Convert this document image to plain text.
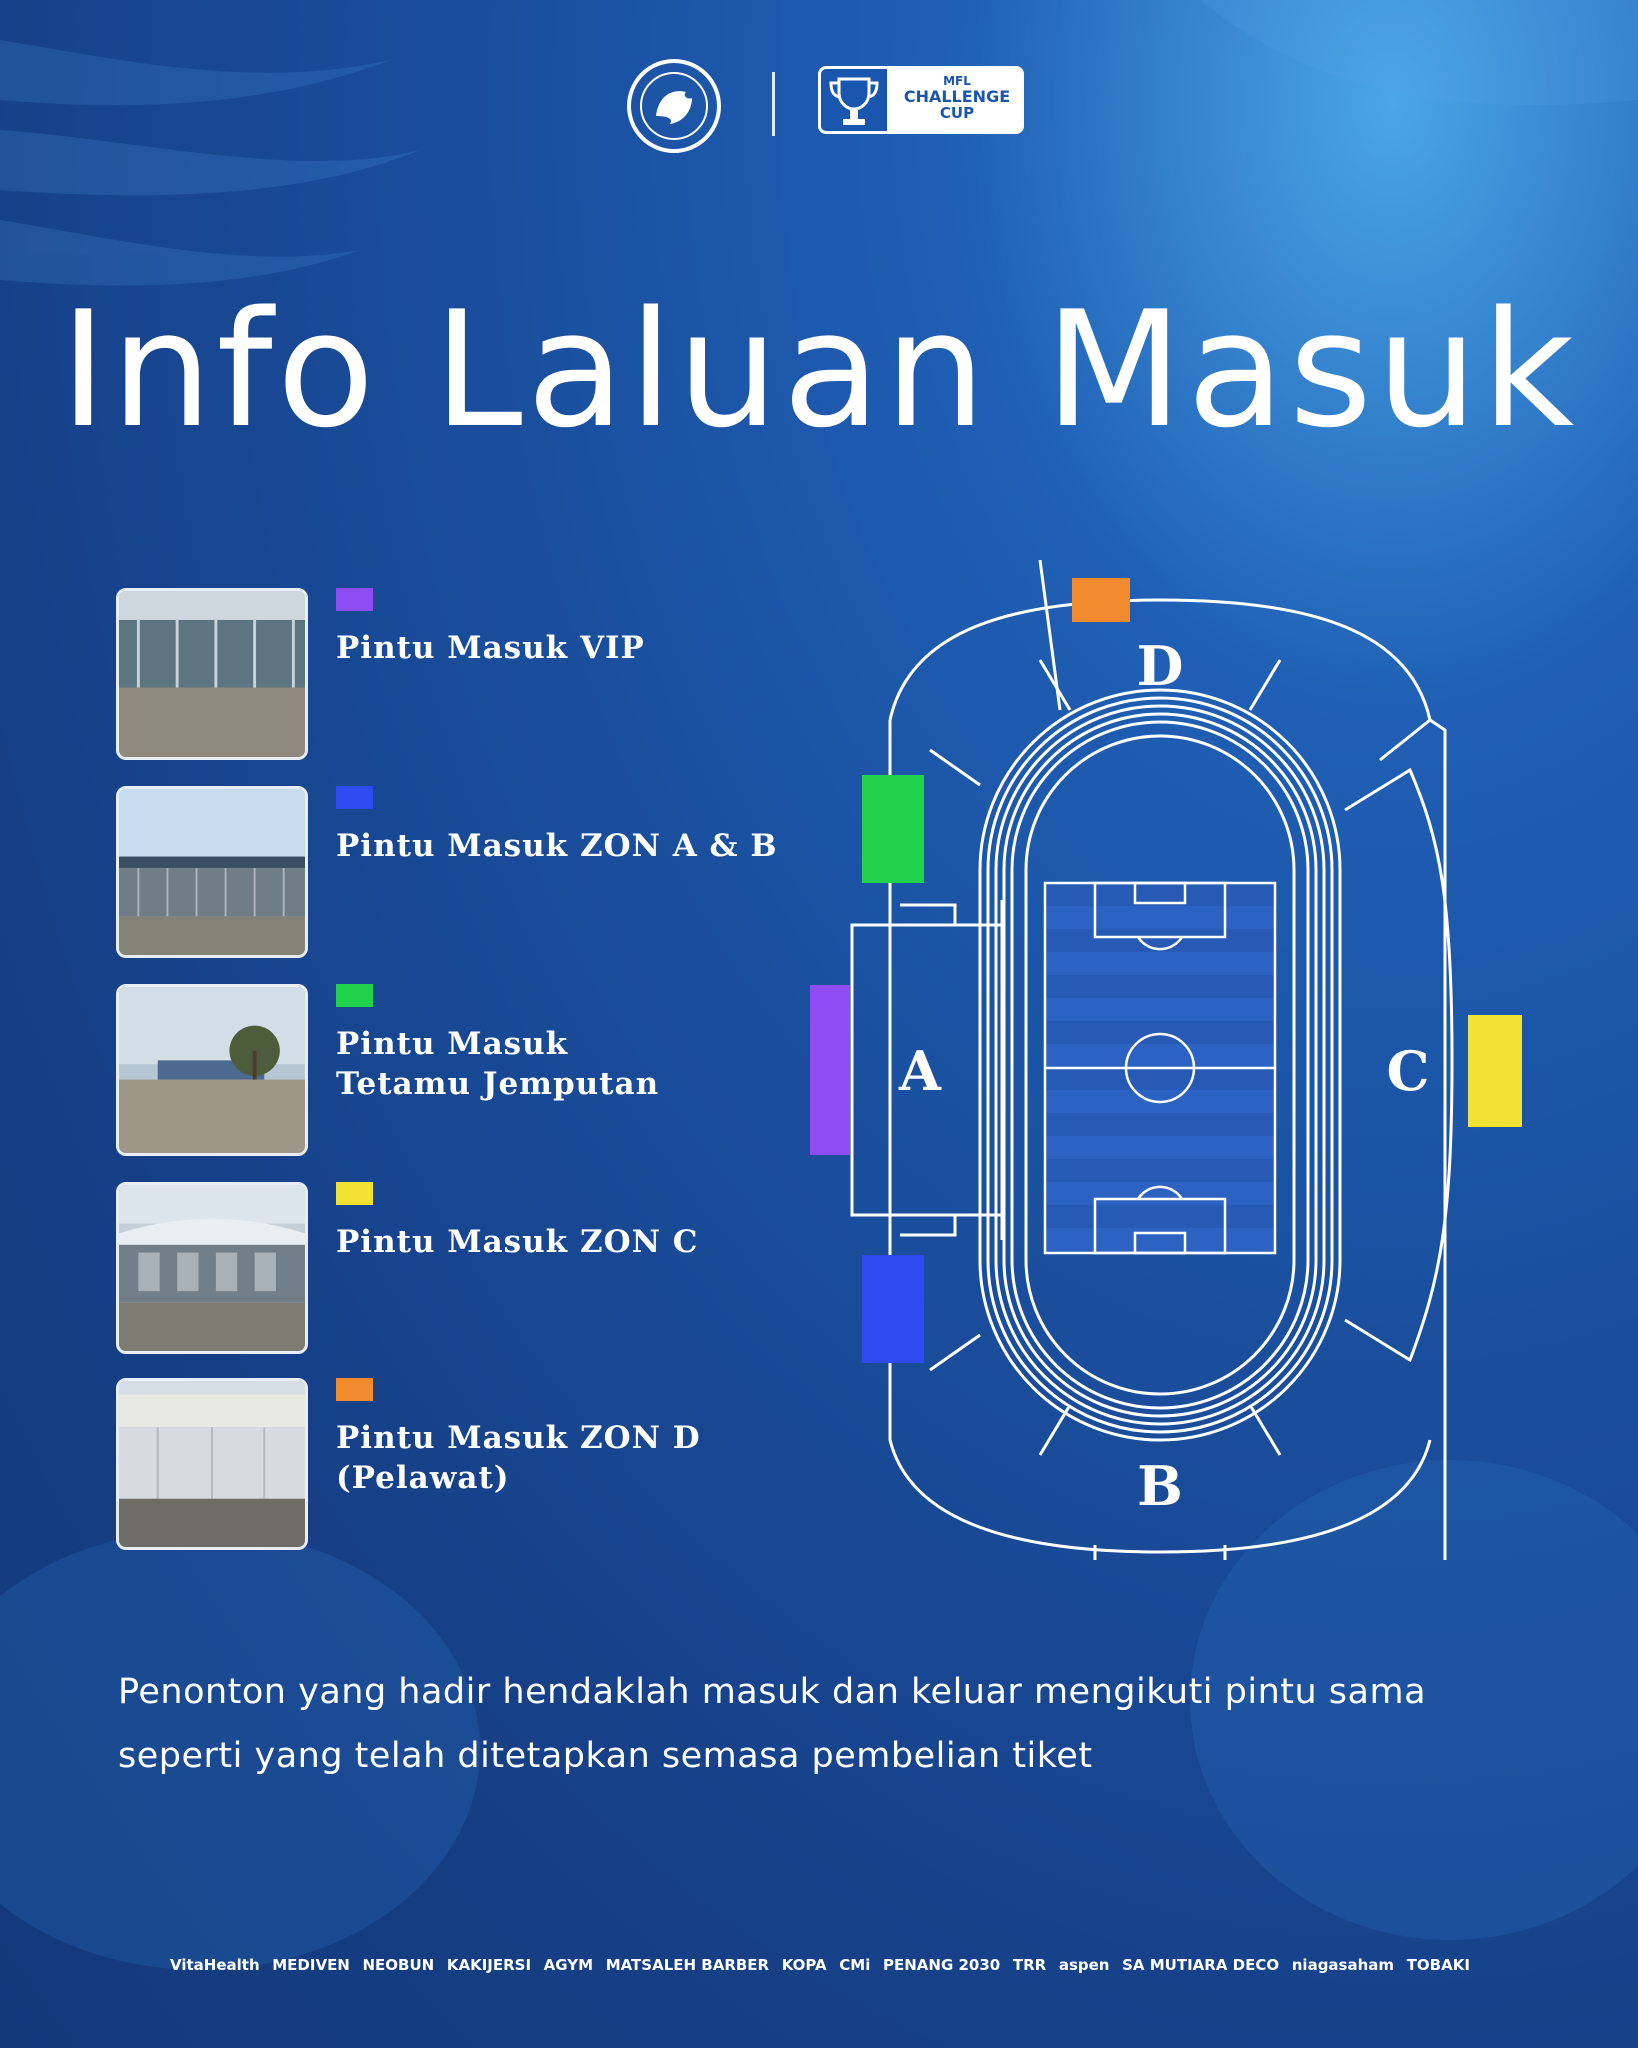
MFL
CHALLENGE
CUP
Info Laluan Masuk
Pintu Masuk VIP
Pintu Masuk ZON A & B
Pintu Masuk
Tetamu Jemputan
Pintu Masuk ZON C
Pintu Masuk ZON D
(Pelawat)
D
A	C
B

Penonton yang hadir hendaklah masuk dan keluar mengikuti pintu sama seperti yang telah ditetapkan semasa pembelian tiket

VitaHealth MEDIVEN NEOBUN KAKIJERSI AGYM MATSALEH BARBER KOPA CMi PENANG 2030 TRR aspen SA MUTIARA DECO niagasaham TOBAKI
